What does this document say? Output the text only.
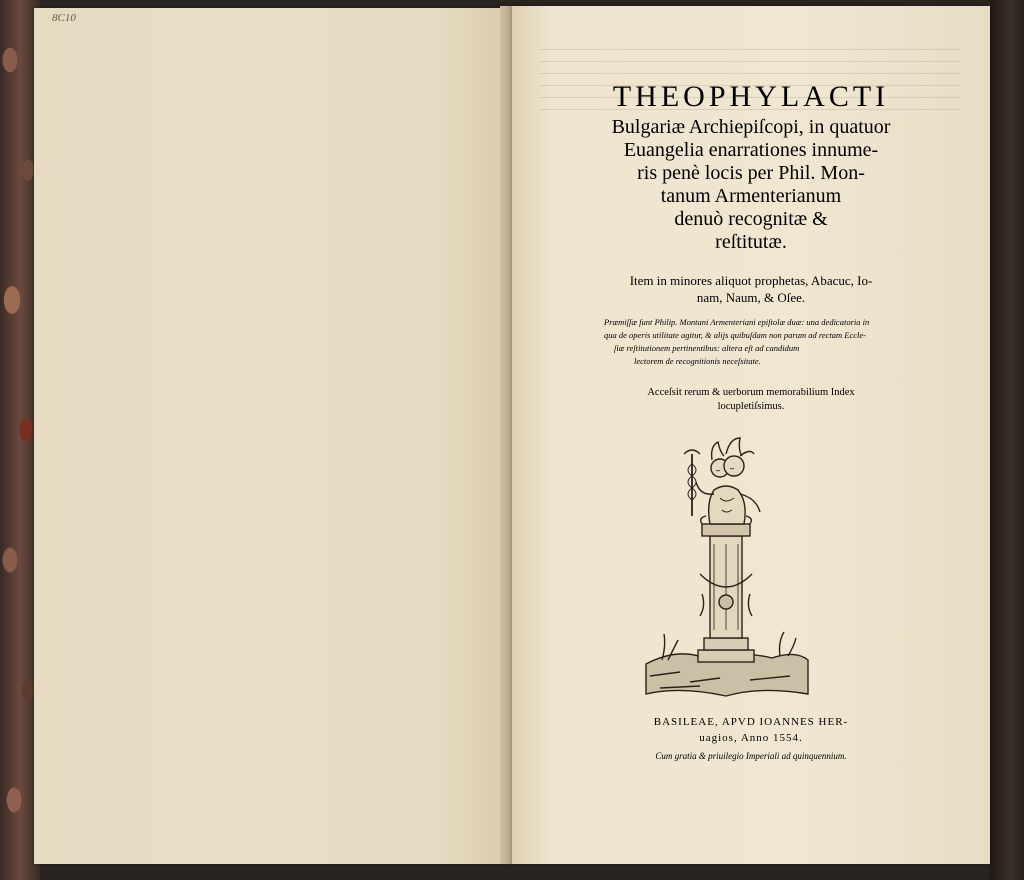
8C10
THEOPHYLACTI
Bulgariæ Archiepiſcopi, in quatuor
Euangelia enarrationes innume-
ris penè locis per Phil. Mon-
tanum Armenterianum
denuò recognitæ &
reſtitutæ.
Item in minores aliquot prophetas, Abacuc, Io-
nam, Naum, & Oſee.
Præmiſſæ ſunt Philip. Montani Armenteriani epiſtolæ duæ: una dedicatoria in
qua de operis utilitate agitur, & alijs quibuſdam non parum ad rectam Eccle-
ſiæ reſtitutionem pertinentibus: altera eſt ad candidum
lectorem de recognitionis neceſsitate.
Acceſsit rerum & uerborum memorabilium Index
locupletiſsimus.
BASILEAE, APVD IOANNES HER-
uagios, Anno 1554.
Cum gratia & priuilegio Imperiali ad quinquennium.
